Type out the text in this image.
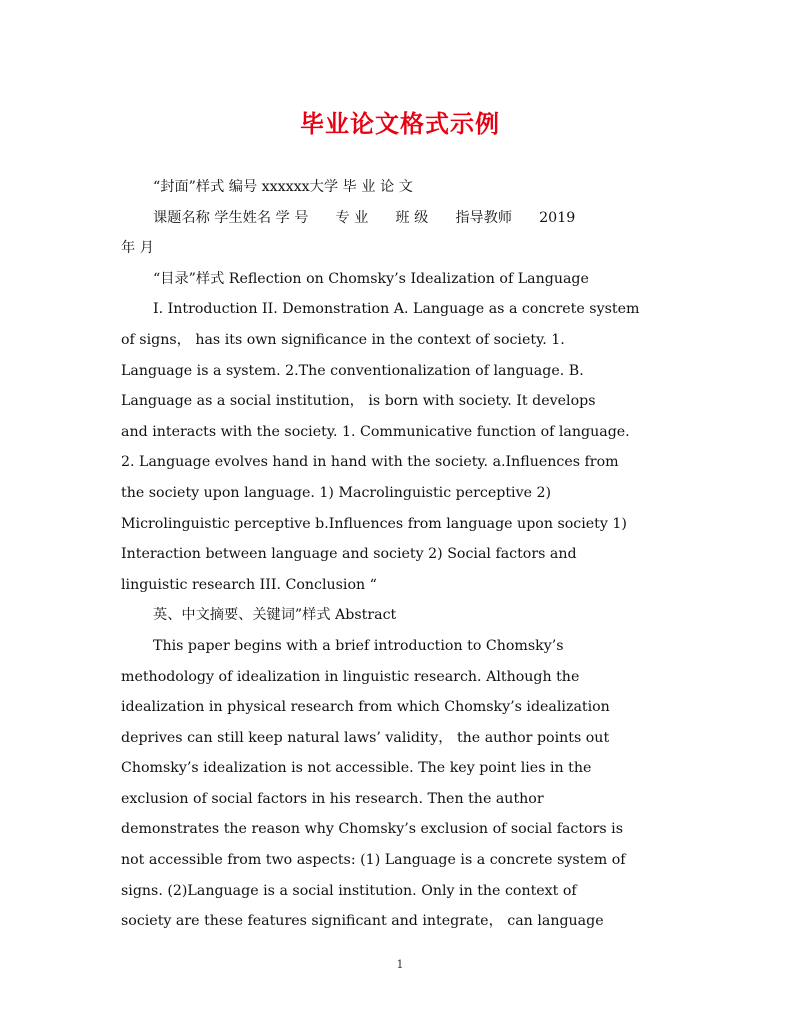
毕业论文格式示例
“封面”样式 编号 xxxxxx大学 毕 业 论 文
课题名称 学生姓名 学 号      专 业      班 级      指导教师      2019
年 月
“目录”样式 Reflection on Chomsky’s Idealization of Language
I. Introduction II. Demonstration A. Language as a concrete system
of signs， has its own significance in the context of society. 1.
Language is a system. 2.The conventionalization of language. B.
Language as a social institution， is born with society. It develops
and interacts with the society. 1. Communicative function of language.
2. Language evolves hand in hand with the society. a.Influences from
the society upon language. 1) Macrolinguistic perceptive 2)
Microlinguistic perceptive b.Influences from language upon society 1)
Interaction between language and society 2) Social factors and
linguistic research III. Conclusion “
英、中文摘要、关键词”样式 Abstract
This paper begins with a brief introduction to Chomsky’s
methodology of idealization in linguistic research. Although the
idealization in physical research from which Chomsky’s idealization
deprives can still keep natural laws’ validity， the author points out
Chomsky’s idealization is not accessible. The key point lies in the
exclusion of social factors in his research. Then the author
demonstrates the reason why Chomsky’s exclusion of social factors is
not accessible from two aspects: (1) Language is a concrete system of
signs. (2)Language is a social institution. Only in the context of
society are these features significant and integrate， can language
1
